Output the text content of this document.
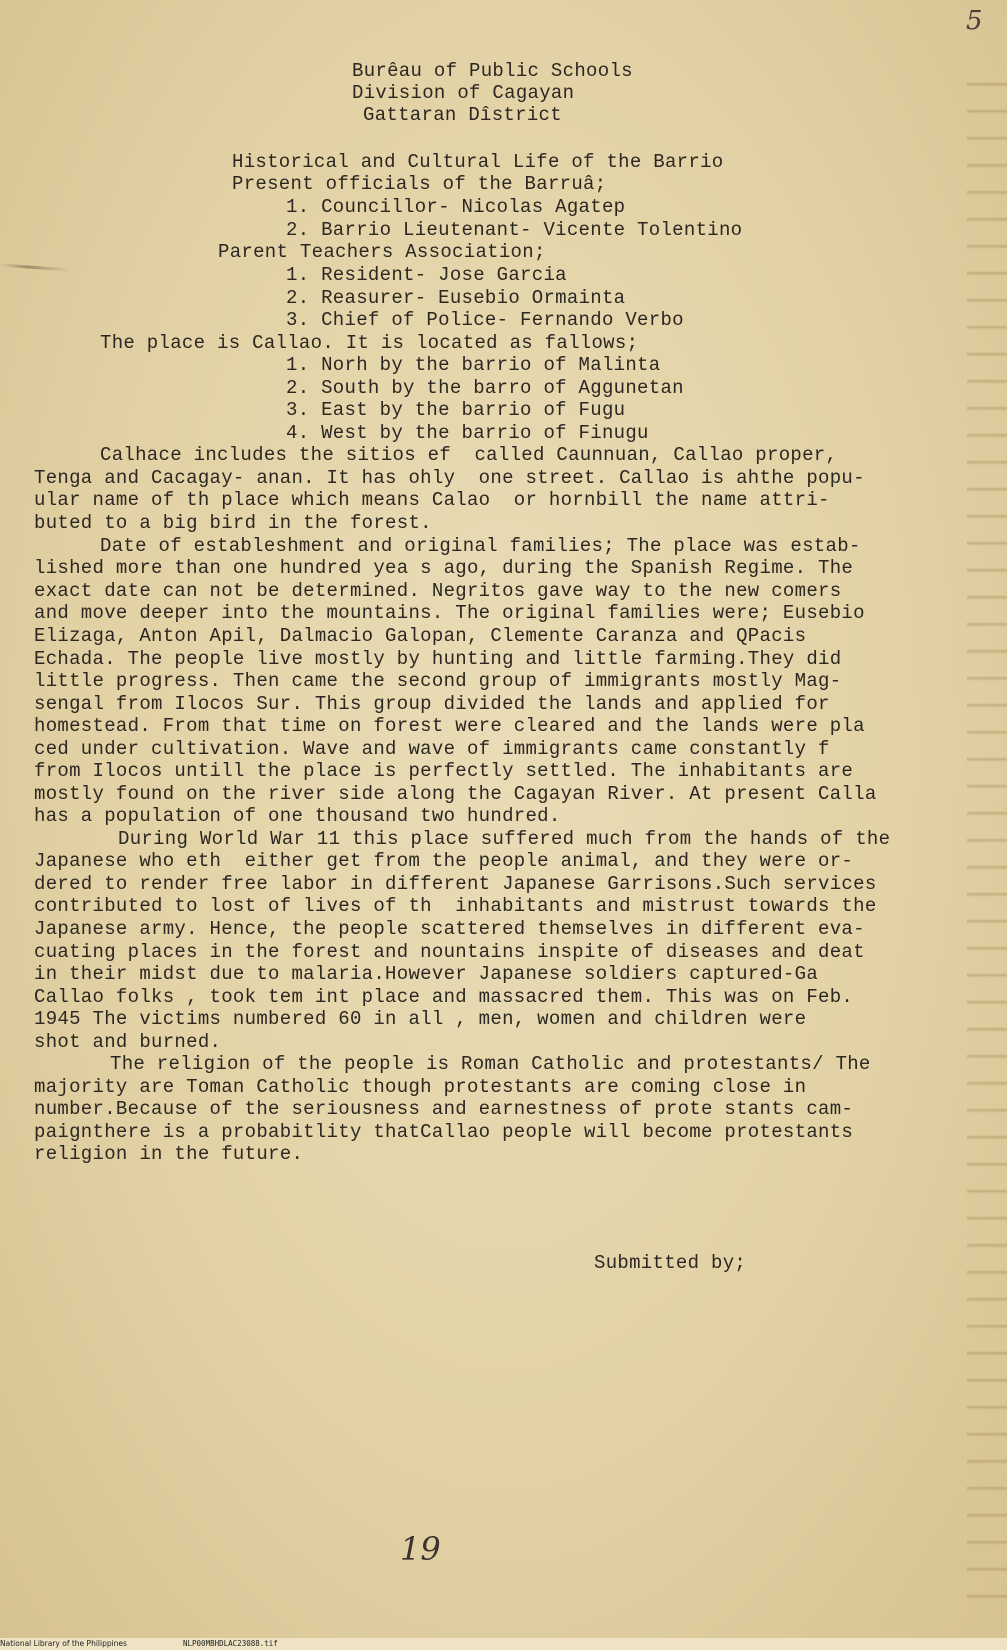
5

Burêau of Public Schools

Division of Cagayan

Gattaran Dîstrict

Historical and Cultural Life of the Barrio

Present officials of the Barruâ;

1. Councillor- Nicolas Agatep

2. Barrio Lieutenant- Vicente Tolentino

Parent Teachers Association;

1. Resident- Jose Garcia

2. Reasurer- Eusebio Ormainta

3. Chief of Police- Fernando Verbo

The place is Callao. It is located as fallows;

1. Norh by the barrio of Malinta

2. South by the barro of Aggunetan

3. East by the barrio of Fugu

4. West by the barrio of Finugu

Calhace includes the sitios ef  called Caunnuan, Callao proper,

Tenga and Cacagay- anan. It has ohly  one street. Callao is ahthe popu-

ular name of th place which means Calao  or hornbill the name attri-

buted to a big bird in the forest.

Date of estableshment and original families; The place was estab-

lished more than one hundred yea s ago, during the Spanish Regime. The

exact date can not be determined. Negritos gave way to the new comers

and move deeper into the mountains. The original families were; Eusebio

Elizaga, Anton Apil, Dalmacio Galopan, Clemente Caranza and QPacis

Echada. The people live mostly by hunting and little farming.They did

little progress. Then came the second group of immigrants mostly Mag-

sengal from Ilocos Sur. This group divided the lands and applied for

homestead. From that time on forest were cleared and the lands were pla

ced under cultivation. Wave and wave of immigrants came constantly f

from Ilocos untill the place is perfectly settled. The inhabitants are

mostly found on the river side along the Cagayan River. At present Calla

has a population of one thousand two hundred.

During World War 11 this place suffered much from the hands of the

Japanese who eth  either get from the people animal, and they were or-

dered to render free labor in different Japanese Garrisons.Such services

contributed to lost of lives of th  inhabitants and mistrust towards the

Japanese army. Hence, the people scattered themselves in different eva-

cuating places in the forest and nountains inspite of diseases and deat

in their midst due to malaria.However Japanese soldiers captured-Ga

Callao folks , took tem int place and massacred them. This was on Feb.

1945 The victims numbered 60 in all , men, women and children were

shot and burned.

The religion of the people is Roman Catholic and protestants/ The

majority are Toman Catholic though protestants are coming close in

number.Because of the seriousness and earnestness of prote stants cam-

paignthere is a probabitlity thatCallao people will become protestants

religion in the future.

Submitted by;

19
National Library of the Philippines	NLP00MBHDLAC23088.tif
